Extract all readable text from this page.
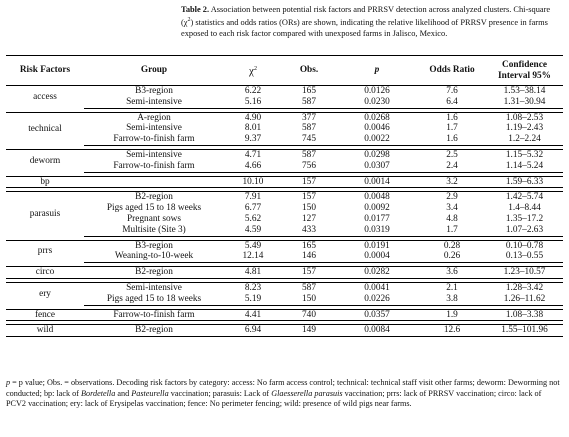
Table 2. Association between potential risk factors and PRRSV detection across analyzed clusters. Chi-square $(\chi^2)$ statistics and odds ratios (ORs) are shown, indicating the relative likelihood of PRRSV presence in farms exposed to each risk factor compared with unexposed farms in Jalisco, Mexico.
Risk Factors	Group	$\chi^2$	Obs.	p	Odds Ratio	Confidence
Interval 95%

access	B3-region	6.22	165	0.0126	7.6	1.53–38.14
	Semi-intensive	5.16	587	0.0230	6.4	1.31–30.94

technical	A-region	4.90	377	0.0268	1.6	1.08–2.53
	Semi-intensive	8.01	587	0.0046	1.7	1.19–2.43
	Farrow-to-finish farm	9.37	745	0.0022	1.6	1.2–2.24

deworm	Semi-intensive	4.71	587	0.0298	2.5	1.15–5.32
	Farrow-to-finish farm	4.66	756	0.0307	2.4	1.14–5.24

bp		10.10	157	0.0014	3.2	1.59–6.33

parasuis	B2-region	7.91	157	0.0048	2.9	1.42–5.74
	Pigs aged 15 to 18 weeks	6.77	150	0.0092	3.4	1.4–8.44
	Pregnant sows	5.62	127	0.0177	4.8	1.35–17.2
	Multisite (Site 3)	4.59	433	0.0319	1.7	1.07–2.63

prrs	B3-region	5.49	165	0.0191	0.28	0.10–0.78
	Weaning-to-10-week	12.14	146	0.0004	0.26	0.13–0.55

circo	B2-region	4.81	157	0.0282	3.6	1.23–10.57

ery	Semi-intensive	8.23	587	0.0041	2.1	1.28–3.42
	Pigs aged 15 to 18 weeks	5.19	150	0.0226	3.8	1.26–11.62

fence	Farrow-to-finish farm	4.41	740	0.0357	1.9	1.08–3.38

wild	B2-region	6.94	149	0.0084	12.6	1.55–101.96
p = p value; Obs. = observations. Decoding risk factors by category: access: No farm access control; technical: technical staff visit other farms; deworm: Deworming not conducted; bp: lack of Bordetella and Pasteurella vaccination; parasuis: Lack of Glaesserella parasuis vaccination; prrs: lack of PRRSV vaccination; circo: lack of PCV2 vaccination; ery: lack of Erysipelas vaccination; fence: No perimeter fencing; wild: presence of wild pigs near farms.
